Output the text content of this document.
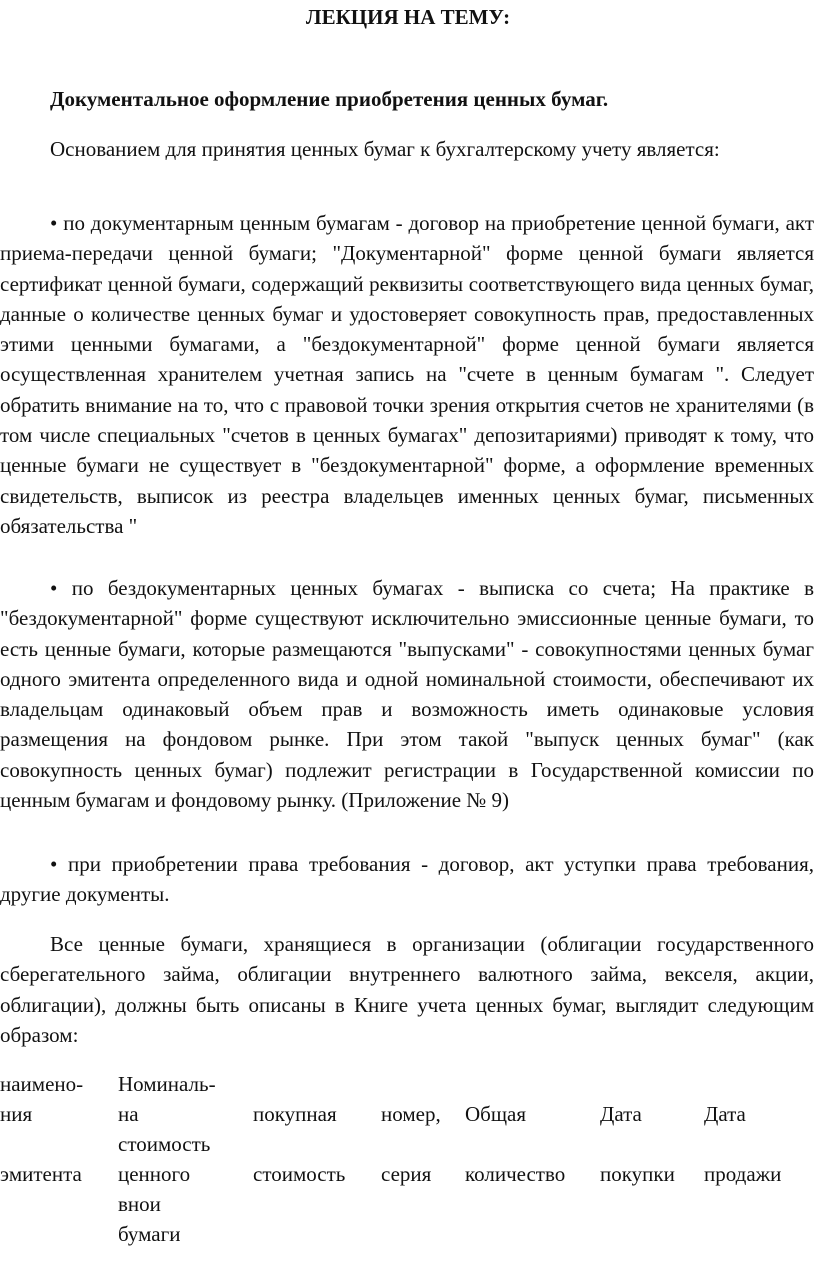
ЛЕКЦИЯ НА ТЕМУ:
Документальное оформление приобретения ценных бумаг.

Основанием для принятия ценных бумаг к бухгалтерскому учету является:

• по документарным ценным бумагам - договор на приобретение ценной бумаги, акт приема-передачи ценной бумаги; "Документарной" форме ценной бумаги является сертификат ценной бумаги, содержащий реквизиты соответствующего вида ценных бумаг, данные о количестве ценных бумаг и удостоверяет совокупность прав, предоставленных этими ценными бумагами, а "бездокументарной" форме ценной бумаги является осуществленная хранителем учетная запись на "счете в ценным бумагам ". Следует обратить внимание на то, что с правовой точки зрения открытия счетов не хранителями (в том числе специальных "счетов в ценных бумагах" депозитариями) приводят к тому, что ценные бумаги не существует в "бездокументарной" форме, а оформление временных свидетельств, выписок из реестра владельцев именных ценных бумаг, письменных обязательства "

• по бездокументарных ценных бумагах - выписка со счета; На практике в "бездокументарной" форме существуют исключительно эмиссионные ценные бумаги, то есть ценные бумаги, которые размещаются "выпусками" - совокупностями ценных бумаг одного эмитента определенного вида и одной номинальной стоимости, обеспечивают их владельцам одинаковый объем прав и возможность иметь одинаковые условия размещения на фондовом рынке. При этом такой "выпуск ценных бумаг" (как совокупность ценных бумаг) подлежит регистрации в Государственной комиссии по ценным бумагам и фондовому рынку. (Приложение № 9)

• при приобретении права требования - договор, акт уступки права требования, другие документы.

Все ценные бумаги, хранящиеся в организации (облигации государственного сберегательного займа, облигации внутреннего валютного займа, векселя, акции, облигации), должны быть описаны в Книге учета ценных бумаг, выглядит следующим образом:

наимено-
ния
эмитента
Номиналь-
на
стоимость
ценного
внои
бумаги
покупная
стоимость
номер,
серия
Общая
количество
Дата
покупки
Дата
продажи
